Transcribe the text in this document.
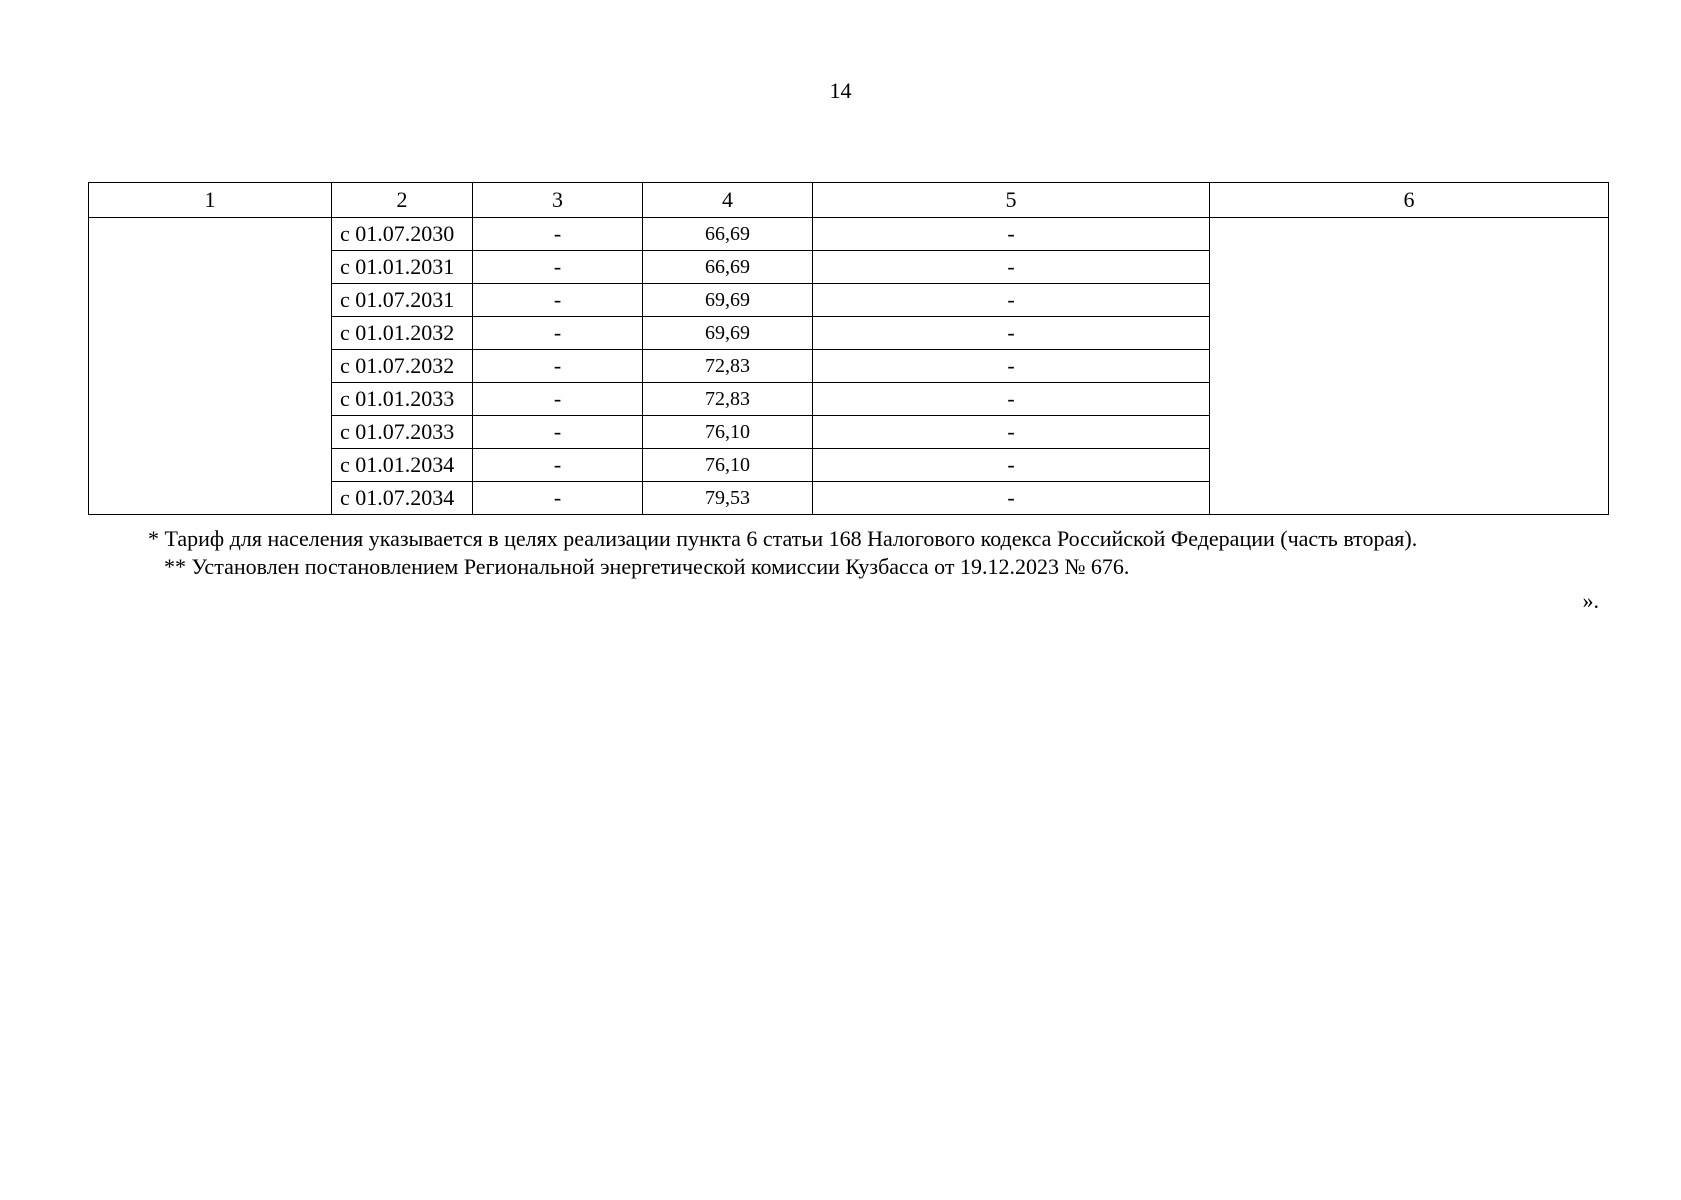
14
1	2	3	4	5	6
	с 01.07.2030	-	66,69	-	
	с 01.01.2031	-	66,69	-	
	с 01.07.2031	-	69,69	-	
	с 01.01.2032	-	69,69	-	
	с 01.07.2032	-	72,83	-	
	с 01.01.2033	-	72,83	-	
	с 01.07.2033	-	76,10	-	
	с 01.01.2034	-	76,10	-	
	с 01.07.2034	-	79,53	-	

* Тариф для населения указывается в целях реализации пункта 6 статьи 168 Налогового кодекса Российской Федерации (часть вторая).

** Установлен постановлением Региональной энергетической комиссии Кузбасса от 19.12.2023 № 676.

».
